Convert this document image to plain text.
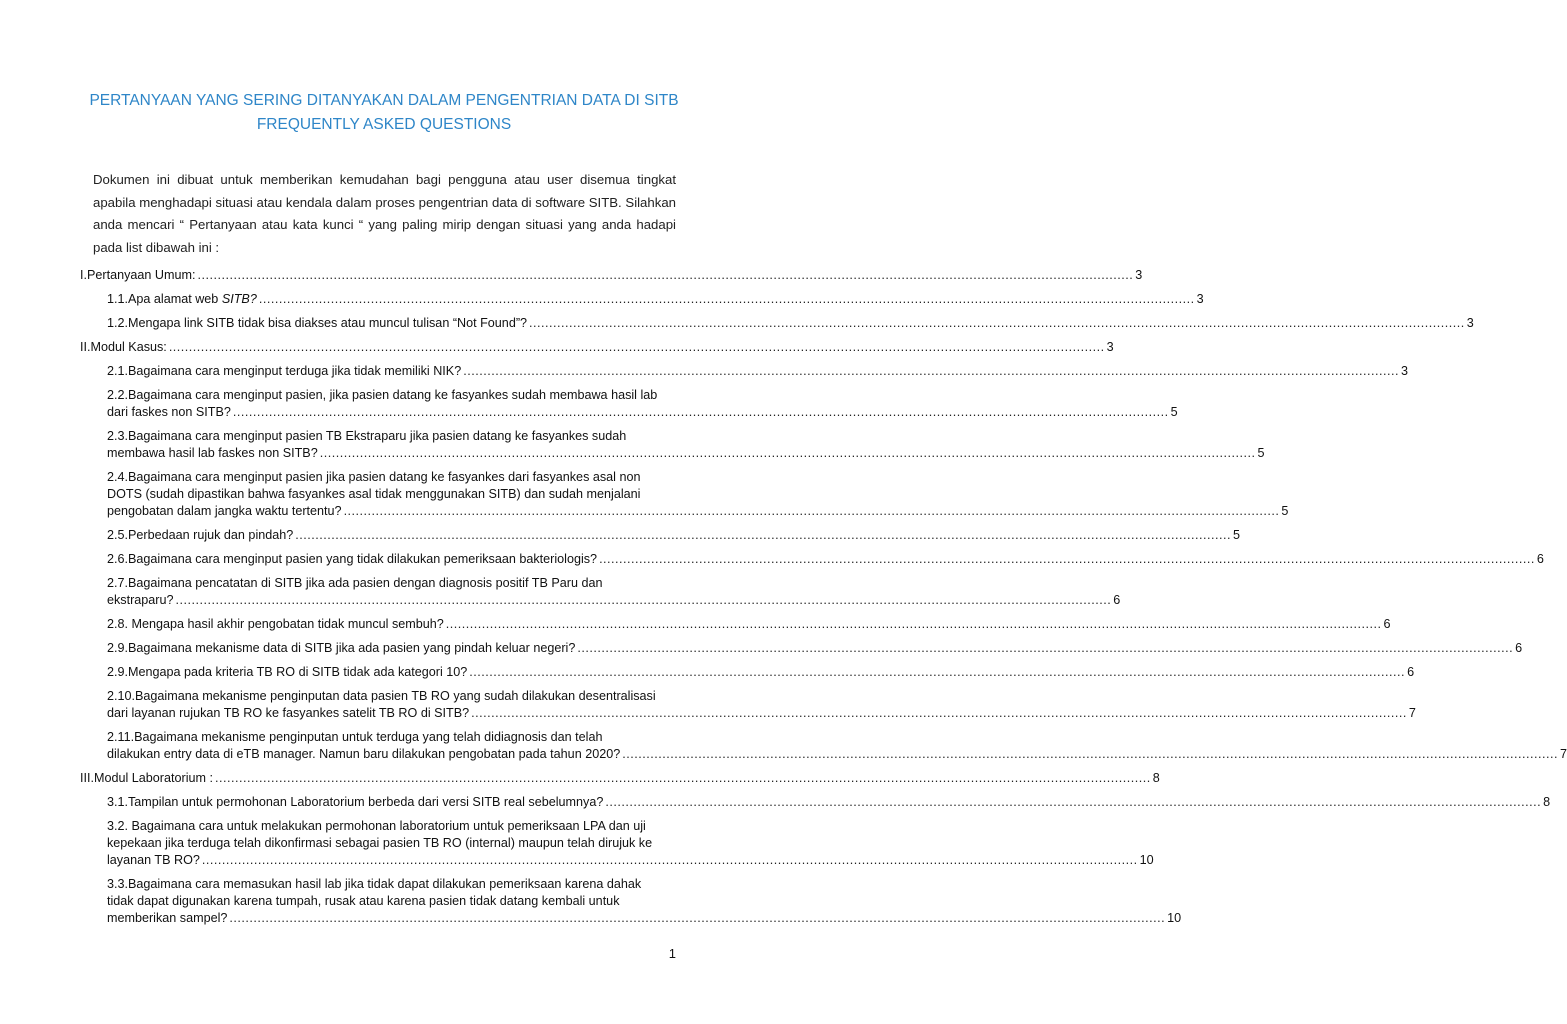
PERTANYAAN YANG SERING DITANYAKAN DALAM PENGENTRIAN DATA DI SITB
FREQUENTLY ASKED QUESTIONS
Dokumen ini dibuat untuk memberikan kemudahan bagi pengguna atau user disemua tingkat apabila menghadapi situasi atau kendala dalam proses pengentrian data di software SITB. Silahkan anda mencari “ Pertanyaan atau kata kunci “ yang paling mirip dengan situasi yang anda hadapi pada list dibawah ini :
I.Pertanyaan Umum: .......................................................................................................................................................................................................................................... 3
1.1.Apa alamat web SITB? .......................................................................................................................................................................................................................................... 3
1.2.Mengapa link SITB tidak bisa diakses atau muncul tulisan “Not Found”? .......................................................................................................................................................................................................................................... 3
II.Modul Kasus: .......................................................................................................................................................................................................................................... 3
2.1.Bagaimana cara menginput terduga jika tidak memiliki NIK? .......................................................................................................................................................................................................................................... 3
2.2.Bagaimana cara menginput pasien, jika pasien datang ke fasyankes sudah membawa hasil lab
dari faskes non SITB? .......................................................................................................................................................................................................................................... 5
2.3.Bagaimana cara menginput pasien TB Ekstraparu jika pasien datang ke fasyankes sudah
membawa hasil lab faskes non SITB? .......................................................................................................................................................................................................................................... 5
2.4.Bagaimana cara menginput pasien jika pasien datang ke fasyankes dari fasyankes asal non
DOTS (sudah dipastikan bahwa fasyankes asal tidak menggunakan SITB) dan sudah menjalani
pengobatan dalam jangka waktu tertentu? .......................................................................................................................................................................................................................................... 5
2.5.Perbedaan rujuk dan pindah? .......................................................................................................................................................................................................................................... 5
2.6.Bagaimana cara menginput pasien yang tidak dilakukan pemeriksaan bakteriologis? .......................................................................................................................................................................................................................................... 6
2.7.Bagaimana pencatatan di SITB jika ada pasien dengan diagnosis positif TB Paru dan
ekstraparu? .......................................................................................................................................................................................................................................... 6
2.8. Mengapa hasil akhir pengobatan tidak muncul sembuh? .......................................................................................................................................................................................................................................... 6
2.9.Bagaimana mekanisme data di SITB jika ada pasien yang pindah keluar negeri? .......................................................................................................................................................................................................................................... 6
2.9.Mengapa pada kriteria TB RO di SITB tidak ada kategori 10? .......................................................................................................................................................................................................................................... 6
2.10.Bagaimana mekanisme penginputan data pasien TB RO yang sudah dilakukan desentralisasi
dari layanan rujukan TB RO ke fasyankes satelit TB RO di SITB? .......................................................................................................................................................................................................................................... 7
2.11.Bagaimana mekanisme penginputan untuk terduga yang telah didiagnosis dan telah
dilakukan entry data di eTB manager. Namun baru dilakukan pengobatan pada tahun 2020? .......................................................................................................................................................................................................................................... 7
III.Modul Laboratorium : .......................................................................................................................................................................................................................................... 8
3.1.Tampilan untuk permohonan Laboratorium berbeda dari versi SITB real sebelumnya? .......................................................................................................................................................................................................................................... 8
3.2. Bagaimana cara untuk melakukan permohonan laboratorium untuk pemeriksaan LPA dan uji
kepekaan jika terduga telah dikonfirmasi sebagai pasien TB RO (internal) maupun telah dirujuk ke
layanan TB RO? .......................................................................................................................................................................................................................................... 10
3.3.Bagaimana cara memasukan hasil lab jika tidak dapat dilakukan pemeriksaan karena dahak
tidak dapat digunakan karena tumpah, rusak atau karena pasien tidak datang kembali untuk
memberikan sampel? .......................................................................................................................................................................................................................................... 10
1
